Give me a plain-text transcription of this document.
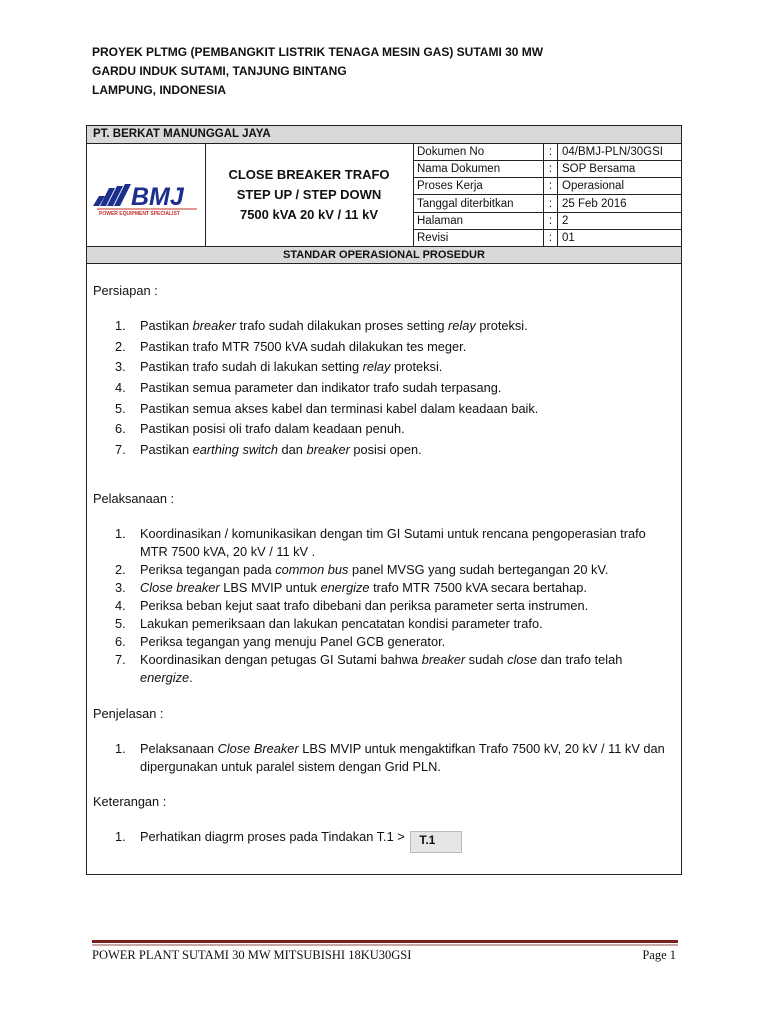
PROYEK PLTMG (PEMBANGKIT LISTRIK TENAGA MESIN GAS) SUTAMI 30 MW
GARDU INDUK SUTAMI, TANJUNG BINTANG
LAMPUNG, INDONESIA
PT. BERKAT MANUNGGAL JAYA
BMJ
POWER EQUIPMENT SPECIALIST
CLOSE BREAKER TRAFO
STEP UP / STEP DOWN
7500 kVA 20 kV / 11 kV
Dokumen No	:	04/BMJ-PLN/30GSI
Nama Dokumen	:	SOP Bersama
Proses Kerja	:	Operasional
Tanggal diterbitkan	:	25 Feb 2016
Halaman	:	2
Revisi	:	01
STANDAR OPERASIONAL PROSEDUR

Persiapan :

1. Pastikan breaker trafo sudah dilakukan proses setting relay proteksi.
2. Pastikan trafo MTR 7500 kVA sudah dilakukan tes meger.
3. Pastikan trafo sudah di lakukan setting relay proteksi.
4. Pastikan semua parameter dan indikator trafo sudah terpasang.
5. Pastikan semua akses kabel dan terminasi kabel dalam keadaan baik.
6. Pastikan posisi oli trafo dalam keadaan penuh.
7. Pastikan earthing switch dan breaker posisi open.

Pelaksanaan :

1. Koordinasikan / komunikasikan dengan tim GI Sutami untuk rencana pengoperasian trafo MTR 7500 kVA, 20 kV / 11 kV .
2. Periksa tegangan pada common bus panel MVSG yang sudah bertegangan 20 kV.
3. Close breaker LBS MVIP untuk energize trafo MTR 7500 kVA secara bertahap.
4. Periksa beban kejut saat trafo dibebani dan periksa parameter serta instrumen.
5. Lakukan pemeriksaan dan lakukan pencatatan kondisi parameter trafo.
6. Periksa tegangan yang menuju Panel GCB generator.
7. Koordinasikan dengan petugas GI Sutami bahwa breaker sudah close dan trafo telah energize.

Penjelasan :

1. Pelaksanaan Close Breaker LBS MVIP untuk mengaktifkan Trafo 7500 kV, 20 kV / 11 kV dan dipergunakan untuk paralel sistem dengan Grid PLN.

Keterangan :

1. Perhatikan diagrm proses pada Tindakan T.1 > T.1
POWER PLANT SUTAMI 30 MW MITSUBISHI 18KU30GSI	Page 1
